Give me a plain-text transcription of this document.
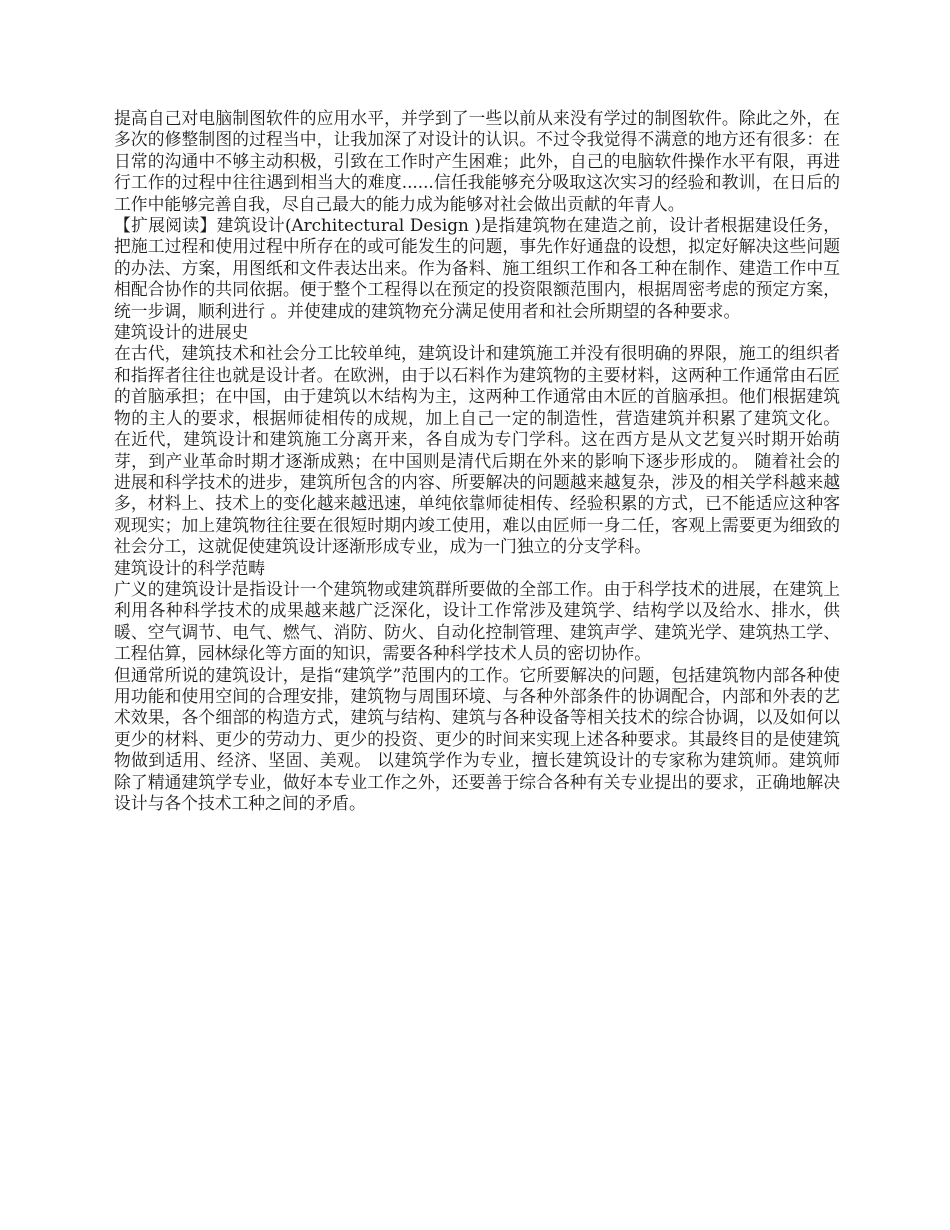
提高自己对电脑制图软件的应用水平，并学到了一些以前从来没有学过的制图软件。除此之外，在多次的修整制图的过程当中，让我加深了对设计的认识。不过令我觉得不满意的地方还有很多：在日常的沟通中不够主动积极，引致在工作时产生困难；此外，自己的电脑软件操作水平有限，再进行工作的过程中往往遇到相当大的难度......信任我能够充分吸取这次实习的经验和教训，在日后的工作中能够完善自我，尽自己最大的能力成为能够对社会做出贡献的年青人。

【扩展阅读】建筑设计(Architectural Design )是指建筑物在建造之前，设计者根据建设任务，把施工过程和使用过程中所存在的或可能发生的问题，事先作好通盘的设想，拟定好解决这些问题的办法、方案，用图纸和文件表达出来。作为备料、施工组织工作和各工种在制作、建造工作中互相配合协作的共同依据。便于整个工程得以在预定的投资限额范围内，根据周密考虑的预定方案，统一步调，顺利进行 。并使建成的建筑物充分满足使用者和社会所期望的各种要求。

建筑设计的进展史

在古代，建筑技术和社会分工比较单纯，建筑设计和建筑施工并没有很明确的界限，施工的组织者和指挥者往往也就是设计者。在欧洲，由于以石料作为建筑物的主要材料，这两种工作通常由石匠的首脑承担；在中国，由于建筑以木结构为主，这两种工作通常由木匠的首脑承担。他们根据建筑物的主人的要求，根据师徒相传的成规，加上自己一定的制造性，营造建筑并积累了建筑文化。 在近代，建筑设计和建筑施工分离开来，各自成为专门学科。这在西方是从文艺复兴时期开始萌芽，到产业革命时期才逐渐成熟；在中国则是清代后期在外来的影响下逐步形成的。 随着社会的进展和科学技术的进步，建筑所包含的内容、所要解决的问题越来越复杂，涉及的相关学科越来越多，材料上、技术上的变化越来越迅速，单纯依靠师徒相传、经验积累的方式，已不能适应这种客观现实；加上建筑物往往要在很短时期内竣工使用，难以由匠师一身二任，客观上需要更为细致的社会分工，这就促使建筑设计逐渐形成专业，成为一门独立的分支学科。

建筑设计的科学范畴

广义的建筑设计是指设计一个建筑物或建筑群所要做的全部工作。由于科学技术的进展，在建筑上利用各种科学技术的成果越来越广泛深化，设计工作常涉及建筑学、结构学以及给水、排水，供暖、空气调节、电气、燃气、消防、防火、自动化控制管理、建筑声学、建筑光学、建筑热工学、工程估算，园林绿化等方面的知识，需要各种科学技术人员的密切协作。

但通常所说的建筑设计，是指“建筑学”范围内的工作。它所要解决的问题，包括建筑物内部各种使用功能和使用空间的合理安排，建筑物与周围环境、与各种外部条件的协调配合，内部和外表的艺术效果，各个细部的构造方式，建筑与结构、建筑与各种设备等相关技术的综合协调，以及如何以更少的材料、更少的劳动力、更少的投资、更少的时间来实现上述各种要求。其最终目的是使建筑物做到适用、经济、坚固、美观。 以建筑学作为专业，擅长建筑设计的专家称为建筑师。建筑师除了精通建筑学专业，做好本专业工作之外，还要善于综合各种有关专业提出的要求，正确地解决设计与各个技术工种之间的矛盾。
